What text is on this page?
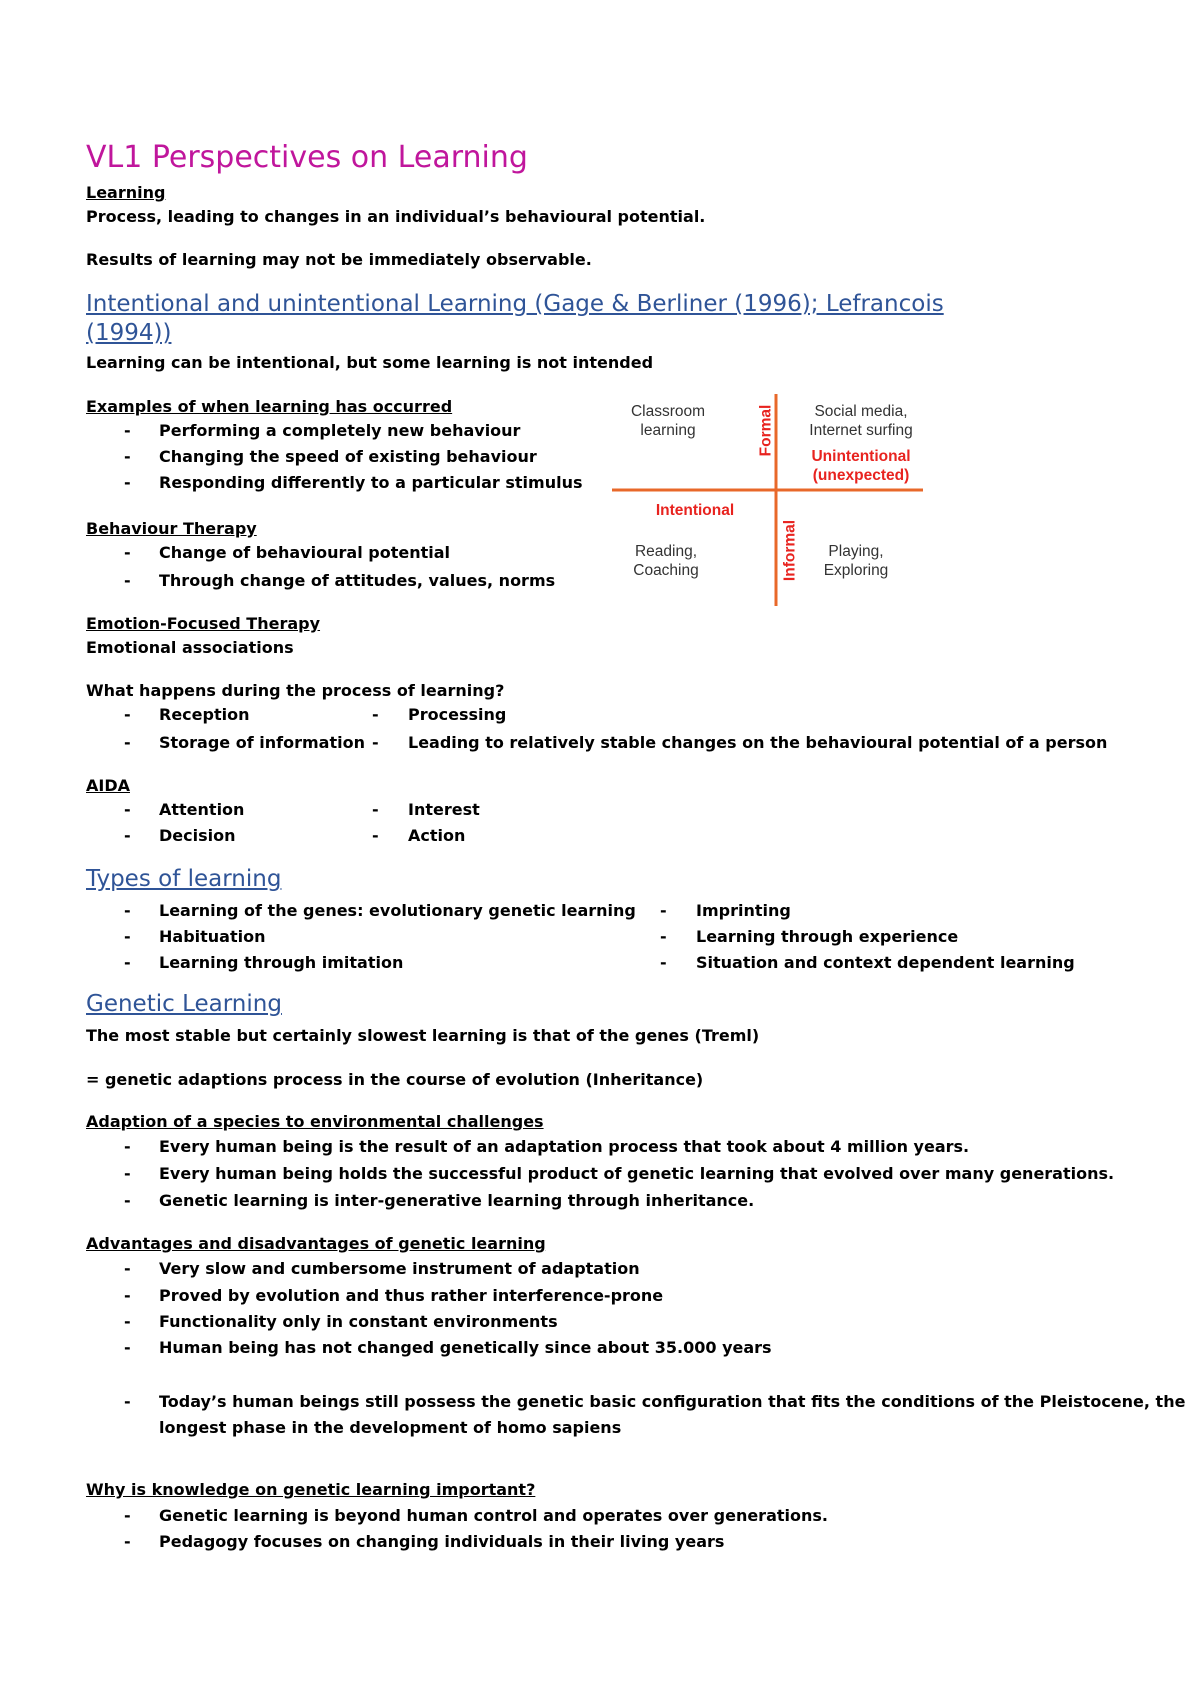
VL1 Perspectives on Learning
Learning
Process, leading to changes in an individual’s behavioural potential.
Results of learning may not be immediately observable.
Intentional and unintentional Learning (Gage & Berliner (1996); Lefrancois
(1994))
Learning can be intentional, but some learning is not intended
Examples of when learning has occurred
- Performing a completely new behaviour
- Changing the speed of existing behaviour
- Responding differently to a particular stimulus
Behaviour Therapy
- Change of behavioural potential
- Through change of attitudes, values, norms
Emotion-Focused Therapy
Emotional associations
What happens during the process of learning?
- Reception	- Processing
- Storage of information - Leading to relatively stable changes on the behavioural potential of a person
AIDA
- Attention	- Interest
- Decision	- Action
Types of learning
- Learning of the genes: evolutionary genetic learning - Imprinting
- Habituation	- Learning through experience
- Learning through imitation	- Situation and context dependent learning
Genetic Learning
The most stable but certainly slowest learning is that of the genes (Treml)
= genetic adaptions process in the course of evolution (Inheritance)
Adaption of a species to environmental challenges
- Every human being is the result of an adaptation process that took about 4 million years.
- Every human being holds the successful product of genetic learning that evolved over many generations.
- Genetic learning is inter-generative learning through inheritance.
Advantages and disadvantages of genetic learning
- Very slow and cumbersome instrument of adaptation
- Proved by evolution and thus rather interference-prone
- Functionality only in constant environments
- Human being has not changed genetically since about 35.000 years
- Today’s human beings still possess the genetic basic configuration that fits the conditions of the Pleistocene, the
longest phase in the development of homo sapiens
Why is knowledge on genetic learning important?
- Genetic learning is beyond human control and operates over generations.
- Pedagogy focuses on changing individuals in their living years
Classroom
learning
Social media,
Internet surfing
Unintentional
(unexpected)
Intentional
Formal
Informal
Reading,
Coaching
Playing,
Exploring
